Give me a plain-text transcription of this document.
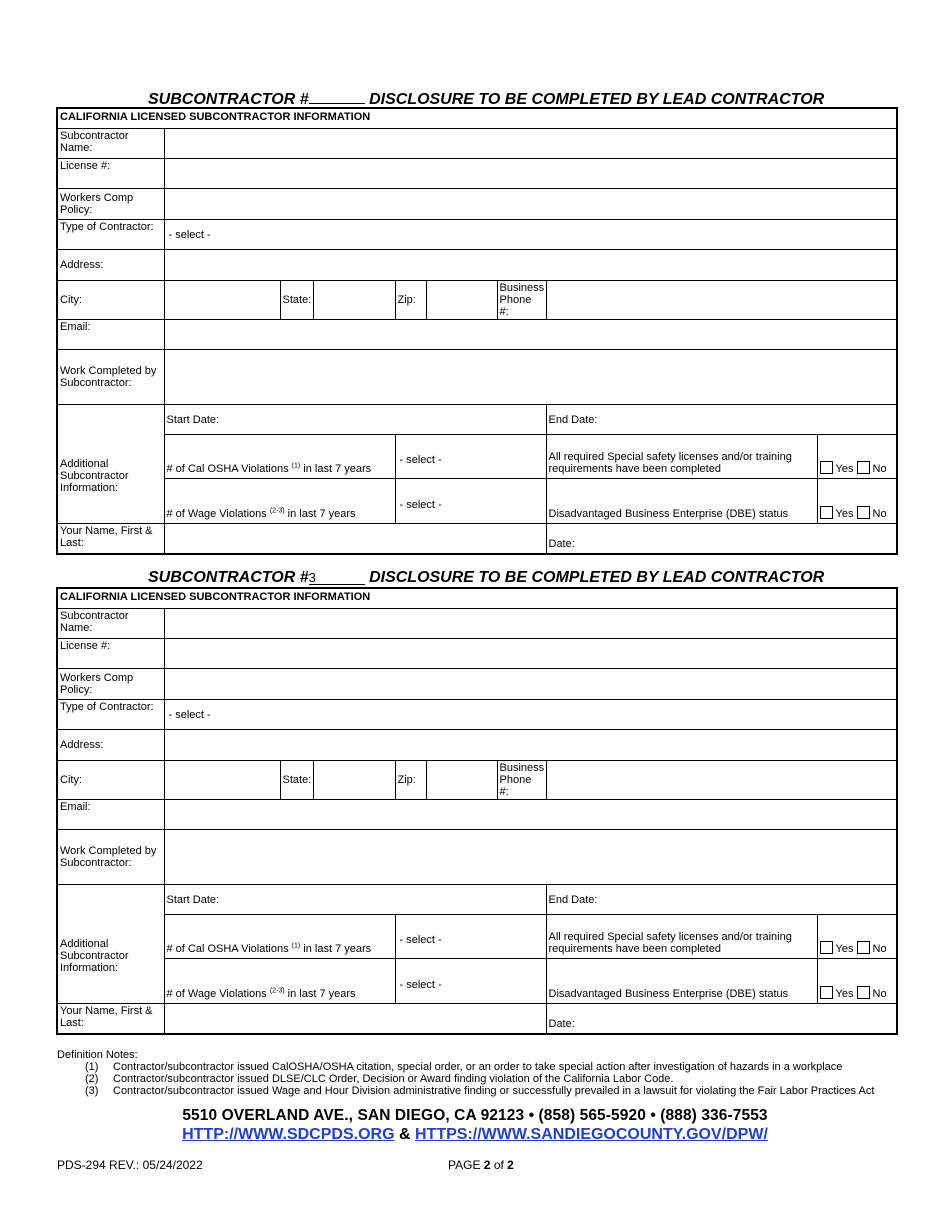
SUBCONTRACTOR #	DISCLOSURE TO BE COMPLETED BY LEAD CONTRACTOR
CALIFORNIA LICENSED SUBCONTRACTOR INFORMATION								
Subcontractor Name:								
License #:								
Workers Comp Policy:								
Type of Contractor:	- select -							
Address:								
City:		State:		Zip:		Business Phone #:		
Email:								
Work Completed by Subcontractor:								
Additional Subcontractor Information:	Start Date:						End Date:	
	# of Cal OSHA Violations $^{(1)}$ in last 7 years			- select -			All required Special safety licenses and/or training requirements have been completed	Yes No
	# of Wage Violations $^{(2-3)}$ in last 7 years			- select -			Disadvantaged Business Enterprise (DBE) status	Yes No
Your Name, First & Last:							Date:	
SUBCONTRACTOR #3	DISCLOSURE TO BE COMPLETED BY LEAD CONTRACTOR
CALIFORNIA LICENSED SUBCONTRACTOR INFORMATION								
Subcontractor Name:								
License #:								
Workers Comp Policy:								
Type of Contractor:	- select -							
Address:								
City:		State:		Zip:		Business Phone #:		
Email:								
Work Completed by Subcontractor:								
Additional Subcontractor Information:	Start Date:						End Date:	
	# of Cal OSHA Violations $^{(1)}$ in last 7 years			- select -			All required Special safety licenses and/or training requirements have been completed	Yes No
	# of Wage Violations $^{(2-3)}$ in last 7 years			- select -			Disadvantaged Business Enterprise (DBE) status	Yes No
Your Name, First & Last:							Date:	
Definition Notes:
(1)	Contractor/subcontractor issued CalOSHA/OSHA citation, special order, or an order to take special action after investigation of hazards in a workplace
(2)	Contractor/subcontractor issued DLSE/CLC Order, Decision or Award finding violation of the California Labor Code.
(3)	Contractor/subcontractor issued Wage and Hour Division administrative finding or successfully prevailed in a lawsuit for violating the Fair Labor Practices Act
5510 OVERLAND AVE., SAN DIEGO, CA 92123 • (858) 565-5920 • (888) 336-7553
HTTP://WWW.SDCPDS.ORG & HTTPS://WWW.SANDIEGOCOUNTY.GOV/DPW/
PDS-294 REV.: 05/24/2022	PAGE 2 of 2
